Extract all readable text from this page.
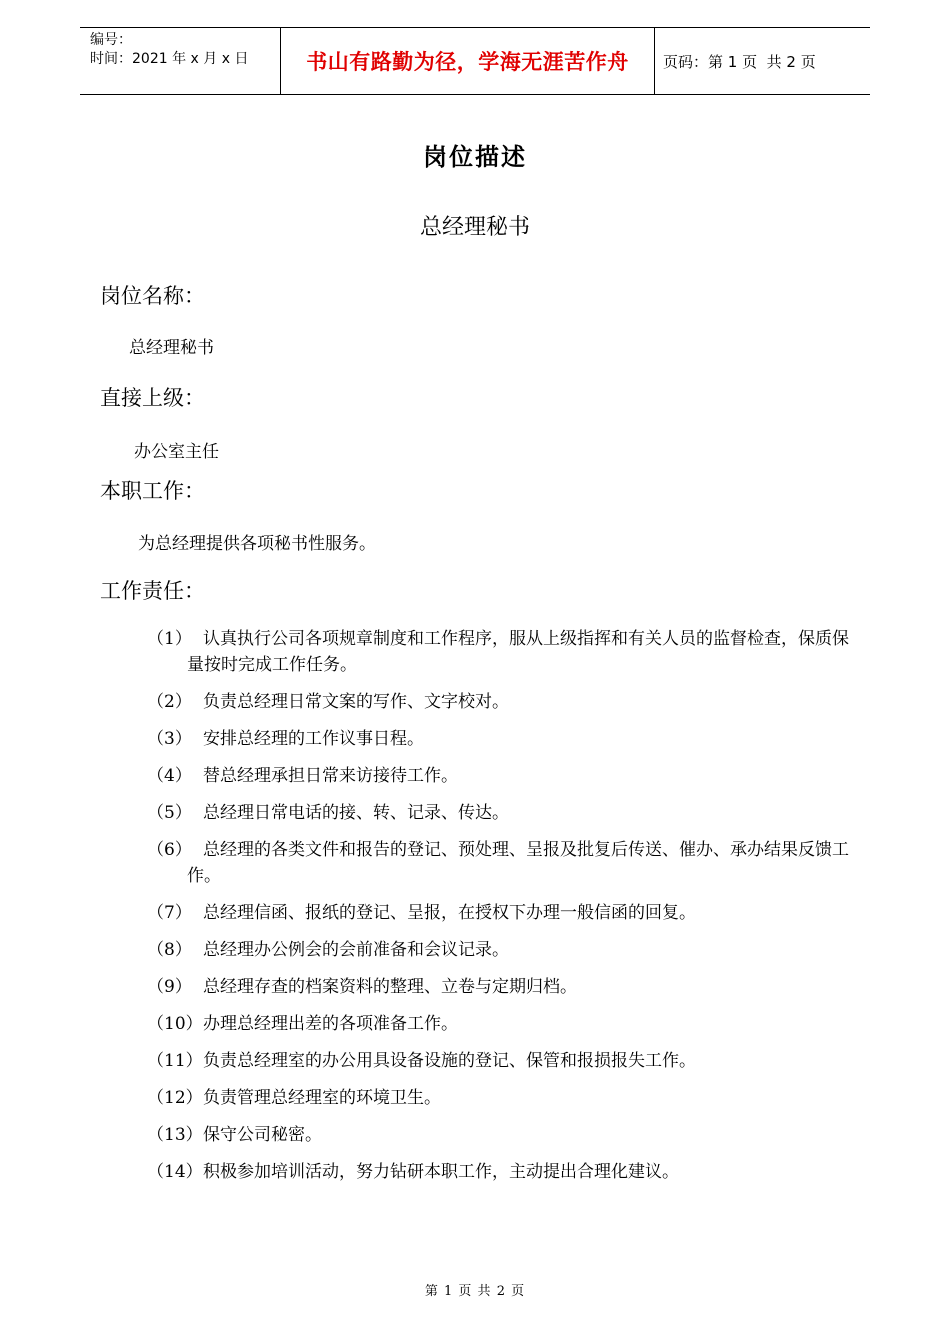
编号：
时间：2021 年 x 月 x 日	书山有路勤为径，学海无涯苦作舟	页码：第 1 页  共 2 页
岗位描述
总经理秘书
岗位名称：
总经理秘书
直接上级：
办公室主任
本职工作：
为总经理提供各项秘书性服务。
工作责任：
（1） 认真执行公司各项规章制度和工作程序，服从上级指挥和有关人员的监督检查，保质保量按时完成工作任务。
（2） 负责总经理日常文案的写作、文字校对。
（3） 安排总经理的工作议事日程。
（4） 替总经理承担日常来访接待工作。
（5） 总经理日常电话的接、转、记录、传达。
（6） 总经理的各类文件和报告的登记、预处理、呈报及批复后传送、催办、承办结果反馈工作。
（7） 总经理信函、报纸的登记、呈报，在授权下办理一般信函的回复。
（8） 总经理办公例会的会前准备和会议记录。
（9） 总经理存查的档案资料的整理、立卷与定期归档。
（10） 办理总经理出差的各项准备工作。
（11） 负责总经理室的办公用具设备设施的登记、保管和报损报失工作。
（12） 负责管理总经理室的环境卫生。
（13） 保守公司秘密。
（14） 积极参加培训活动，努力钻研本职工作，主动提出合理化建议。
第 1 页 共 2 页
